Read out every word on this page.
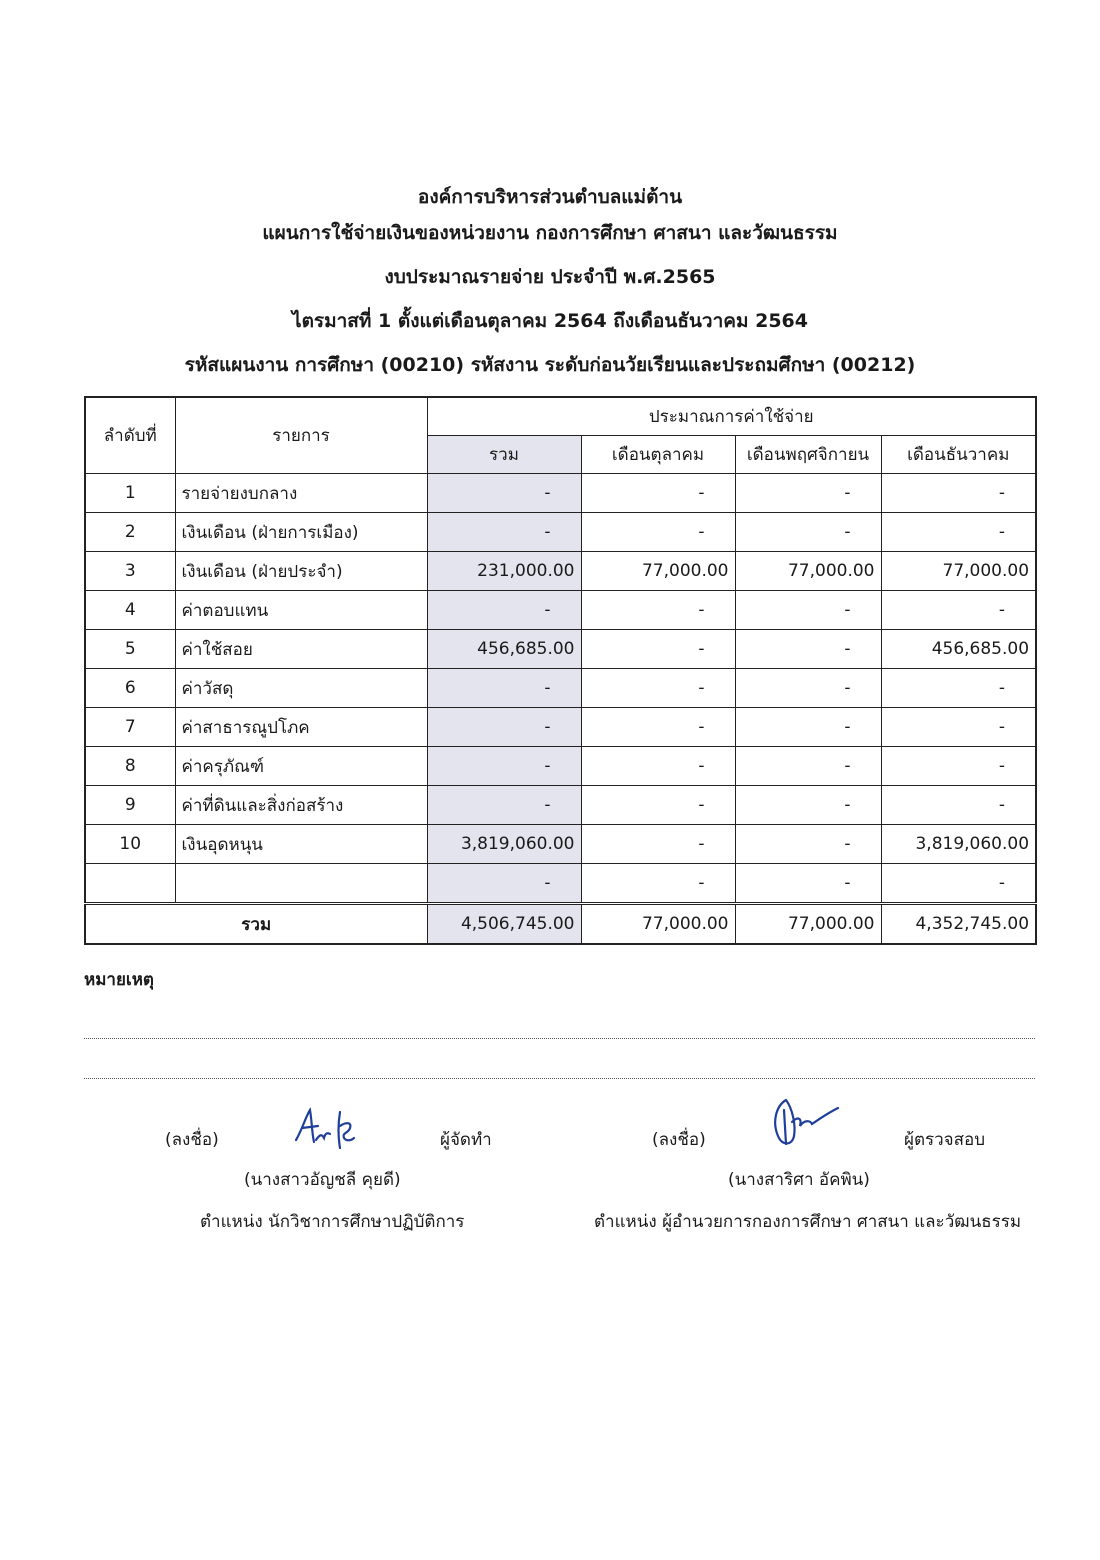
องค์การบริหารส่วนตำบลแม่ต้าน
แผนการใช้จ่ายเงินของหน่วยงาน กองการศึกษา ศาสนา และวัฒนธรรม
งบประมาณรายจ่าย ประจำปี พ.ศ.2565
ไตรมาสที่ 1 ตั้งแต่เดือนตุลาคม 2564 ถึงเดือนธันวาคม 2564
รหัสแผนงาน การศึกษา (00210) รหัสงาน ระดับก่อนวัยเรียนและประถมศึกษา (00212)
ลำดับที่	รายการ	ประมาณการค่าใช้จ่าย			
		รวม	เดือนตุลาคม	เดือนพฤศจิกายน	เดือนธันวาคม
1	รายจ่ายงบกลาง	-	-	-	-
2	เงินเดือน (ฝ่ายการเมือง)	-	-	-	-
3	เงินเดือน (ฝ่ายประจำ)	231,000.00	77,000.00	77,000.00	77,000.00
4	ค่าตอบแทน	-	-	-	-
5	ค่าใช้สอย	456,685.00	-	-	456,685.00
6	ค่าวัสดุ	-	-	-	-
7	ค่าสาธารณูปโภค	-	-	-	-
8	ค่าครุภัณฑ์	-	-	-	-
9	ค่าที่ดินและสิ่งก่อสร้าง	-	-	-	-
10	เงินอุดหนุน	3,819,060.00	-	-	3,819,060.00
		-	-	-	-
รวม		4,506,745.00	77,000.00	77,000.00	4,352,745.00
หมายเหตุ
(ลงชื่อ)	ผู้จัดทำ
(นางสาวอัญชลี คุยดี)
ตำแหน่ง นักวิชาการศึกษาปฏิบัติการ
(ลงชื่อ)	ผู้ตรวจสอบ
(นางสาริศา อัคพิน)
ตำแหน่ง ผู้อำนวยการกองการศึกษา ศาสนา และวัฒนธรรม
